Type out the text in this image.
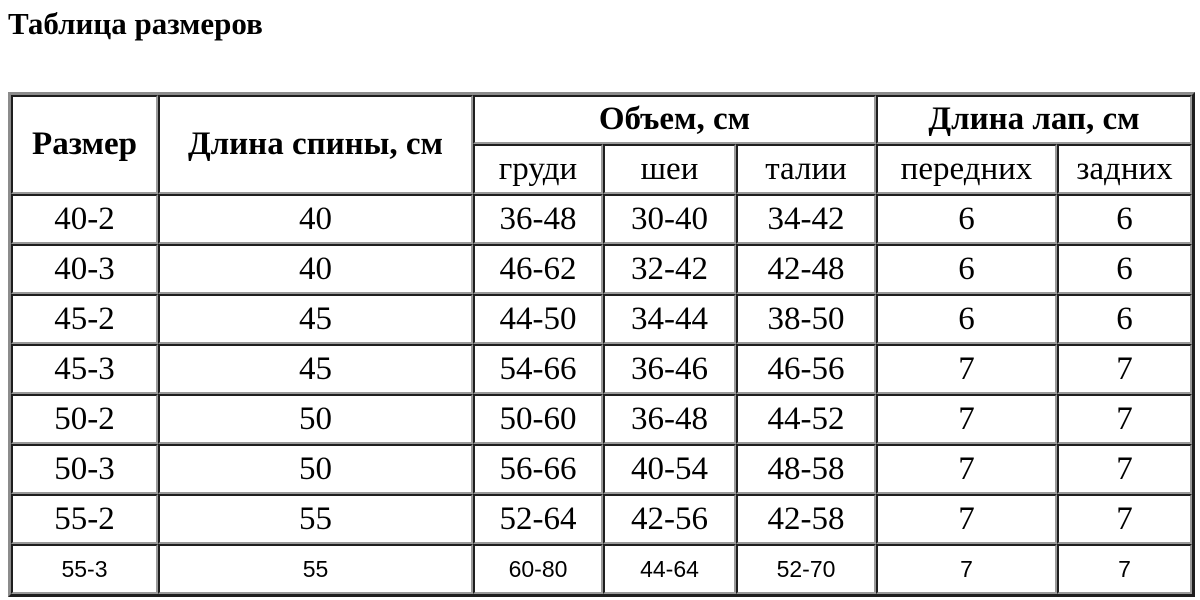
Таблица размеров
Размер	Длина спины, см	Объем, см			Длина лап, см	
		груди	шеи	талии	передних	задних
40-2	40	36-48	30-40	34-42	6	6
40-3	40	46-62	32-42	42-48	6	6
45-2	45	44-50	34-44	38-50	6	6
45-3	45	54-66	36-46	46-56	7	7
50-2	50	50-60	36-48	44-52	7	7
50-3	50	56-66	40-54	48-58	7	7
55-2	55	52-64	42-56	42-58	7	7
55-3	55	60-80	44-64	52-70	7	7
